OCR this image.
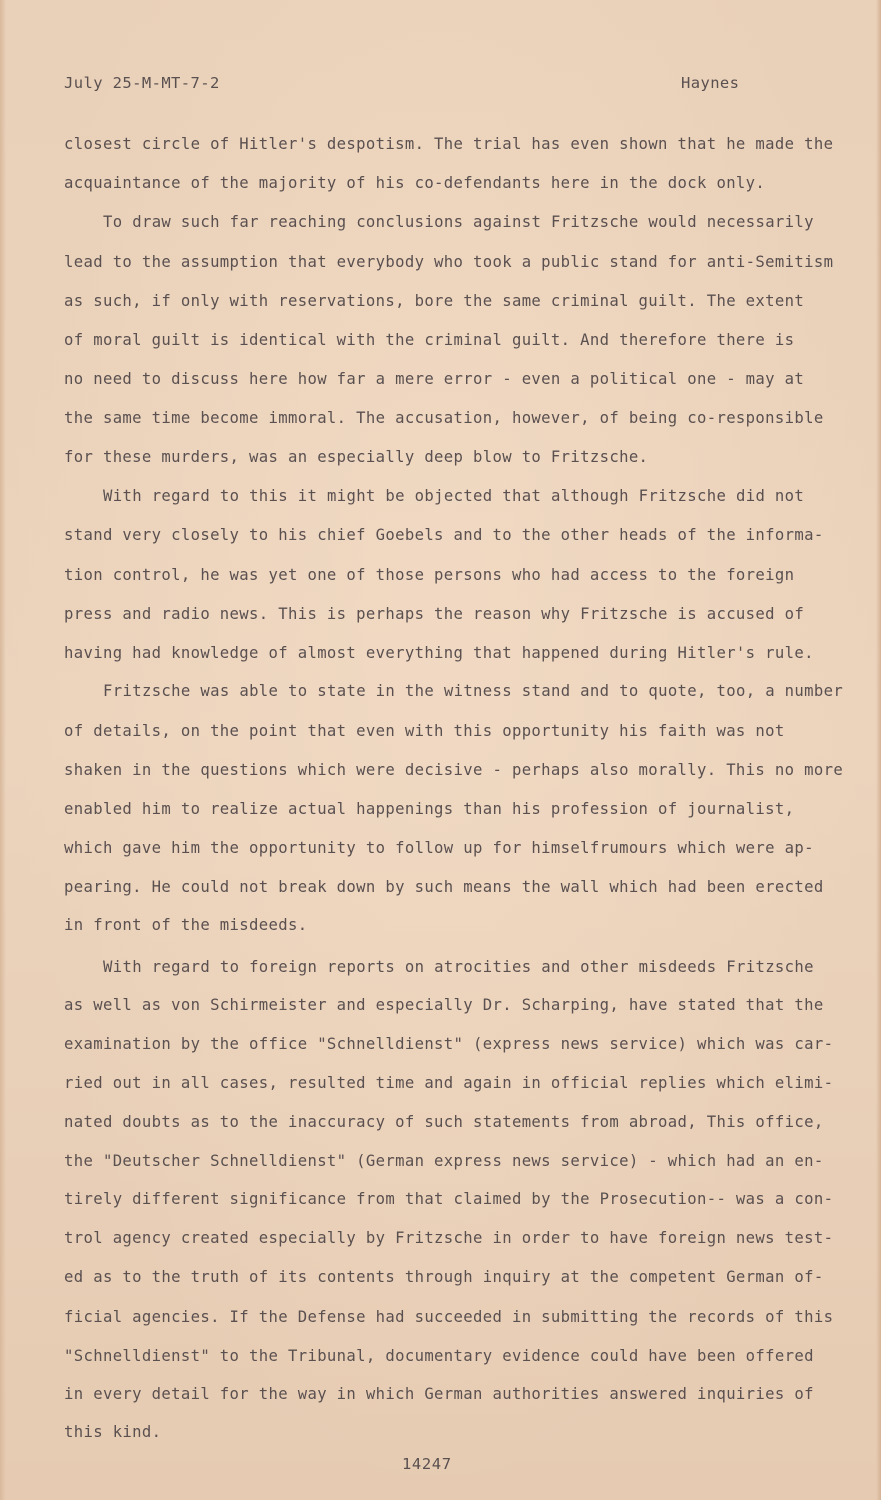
July 25-M-MT-7-2	Haynes
closest circle of Hitler's despotism. The trial has even shown that he made the
acquaintance of the majority of his co-defendants here in the dock only.
To draw such far reaching conclusions against Fritzsche would necessarily
lead to the assumption that everybody who took a public stand for anti-Semitism
as such, if only with reservations, bore the same criminal guilt. The extent
of moral guilt is identical with the criminal guilt. And therefore there is
no need to discuss here how far a mere error - even a political one - may at
the same time become immoral. The accusation, however, of being co-responsible
for these murders, was an especially deep blow to Fritzsche.
With regard to this it might be objected that although Fritzsche did not
stand very closely to his chief Goebels and to the other heads of the informa-
tion control, he was yet one of those persons who had access to the foreign
press and radio news. This is perhaps the reason why Fritzsche is accused of
having had knowledge of almost everything that happened during Hitler's rule.
Fritzsche was able to state in the witness stand and to quote, too, a number
of details, on the point that even with this opportunity his faith was not
shaken in the questions which were decisive - perhaps also morally. This no more
enabled him to realize actual happenings than his profession of journalist,
which gave him the opportunity to follow up for himselfrumours which were ap-
pearing. He could not break down by such means the wall which had been erected
in front of the misdeeds.
With regard to foreign reports on atrocities and other misdeeds Fritzsche
as well as von Schirmeister and especially Dr. Scharping, have stated that the
examination by the office "Schnelldienst" (express news service) which was car-
ried out in all cases, resulted time and again in official replies which elimi-
nated doubts as to the inaccuracy of such statements from abroad, This office,
the "Deutscher Schnelldienst" (German express news service) - which had an en-
tirely different significance from that claimed by the Prosecution-- was a con-
trol agency created especially by Fritzsche in order to have foreign news test-
ed as to the truth of its contents through inquiry at the competent German of-
ficial agencies. If the Defense had succeeded in submitting the records of this
"Schnelldienst" to the Tribunal, documentary evidence could have been offered
in every detail for the way in which German authorities answered inquiries of
this kind.
14247
